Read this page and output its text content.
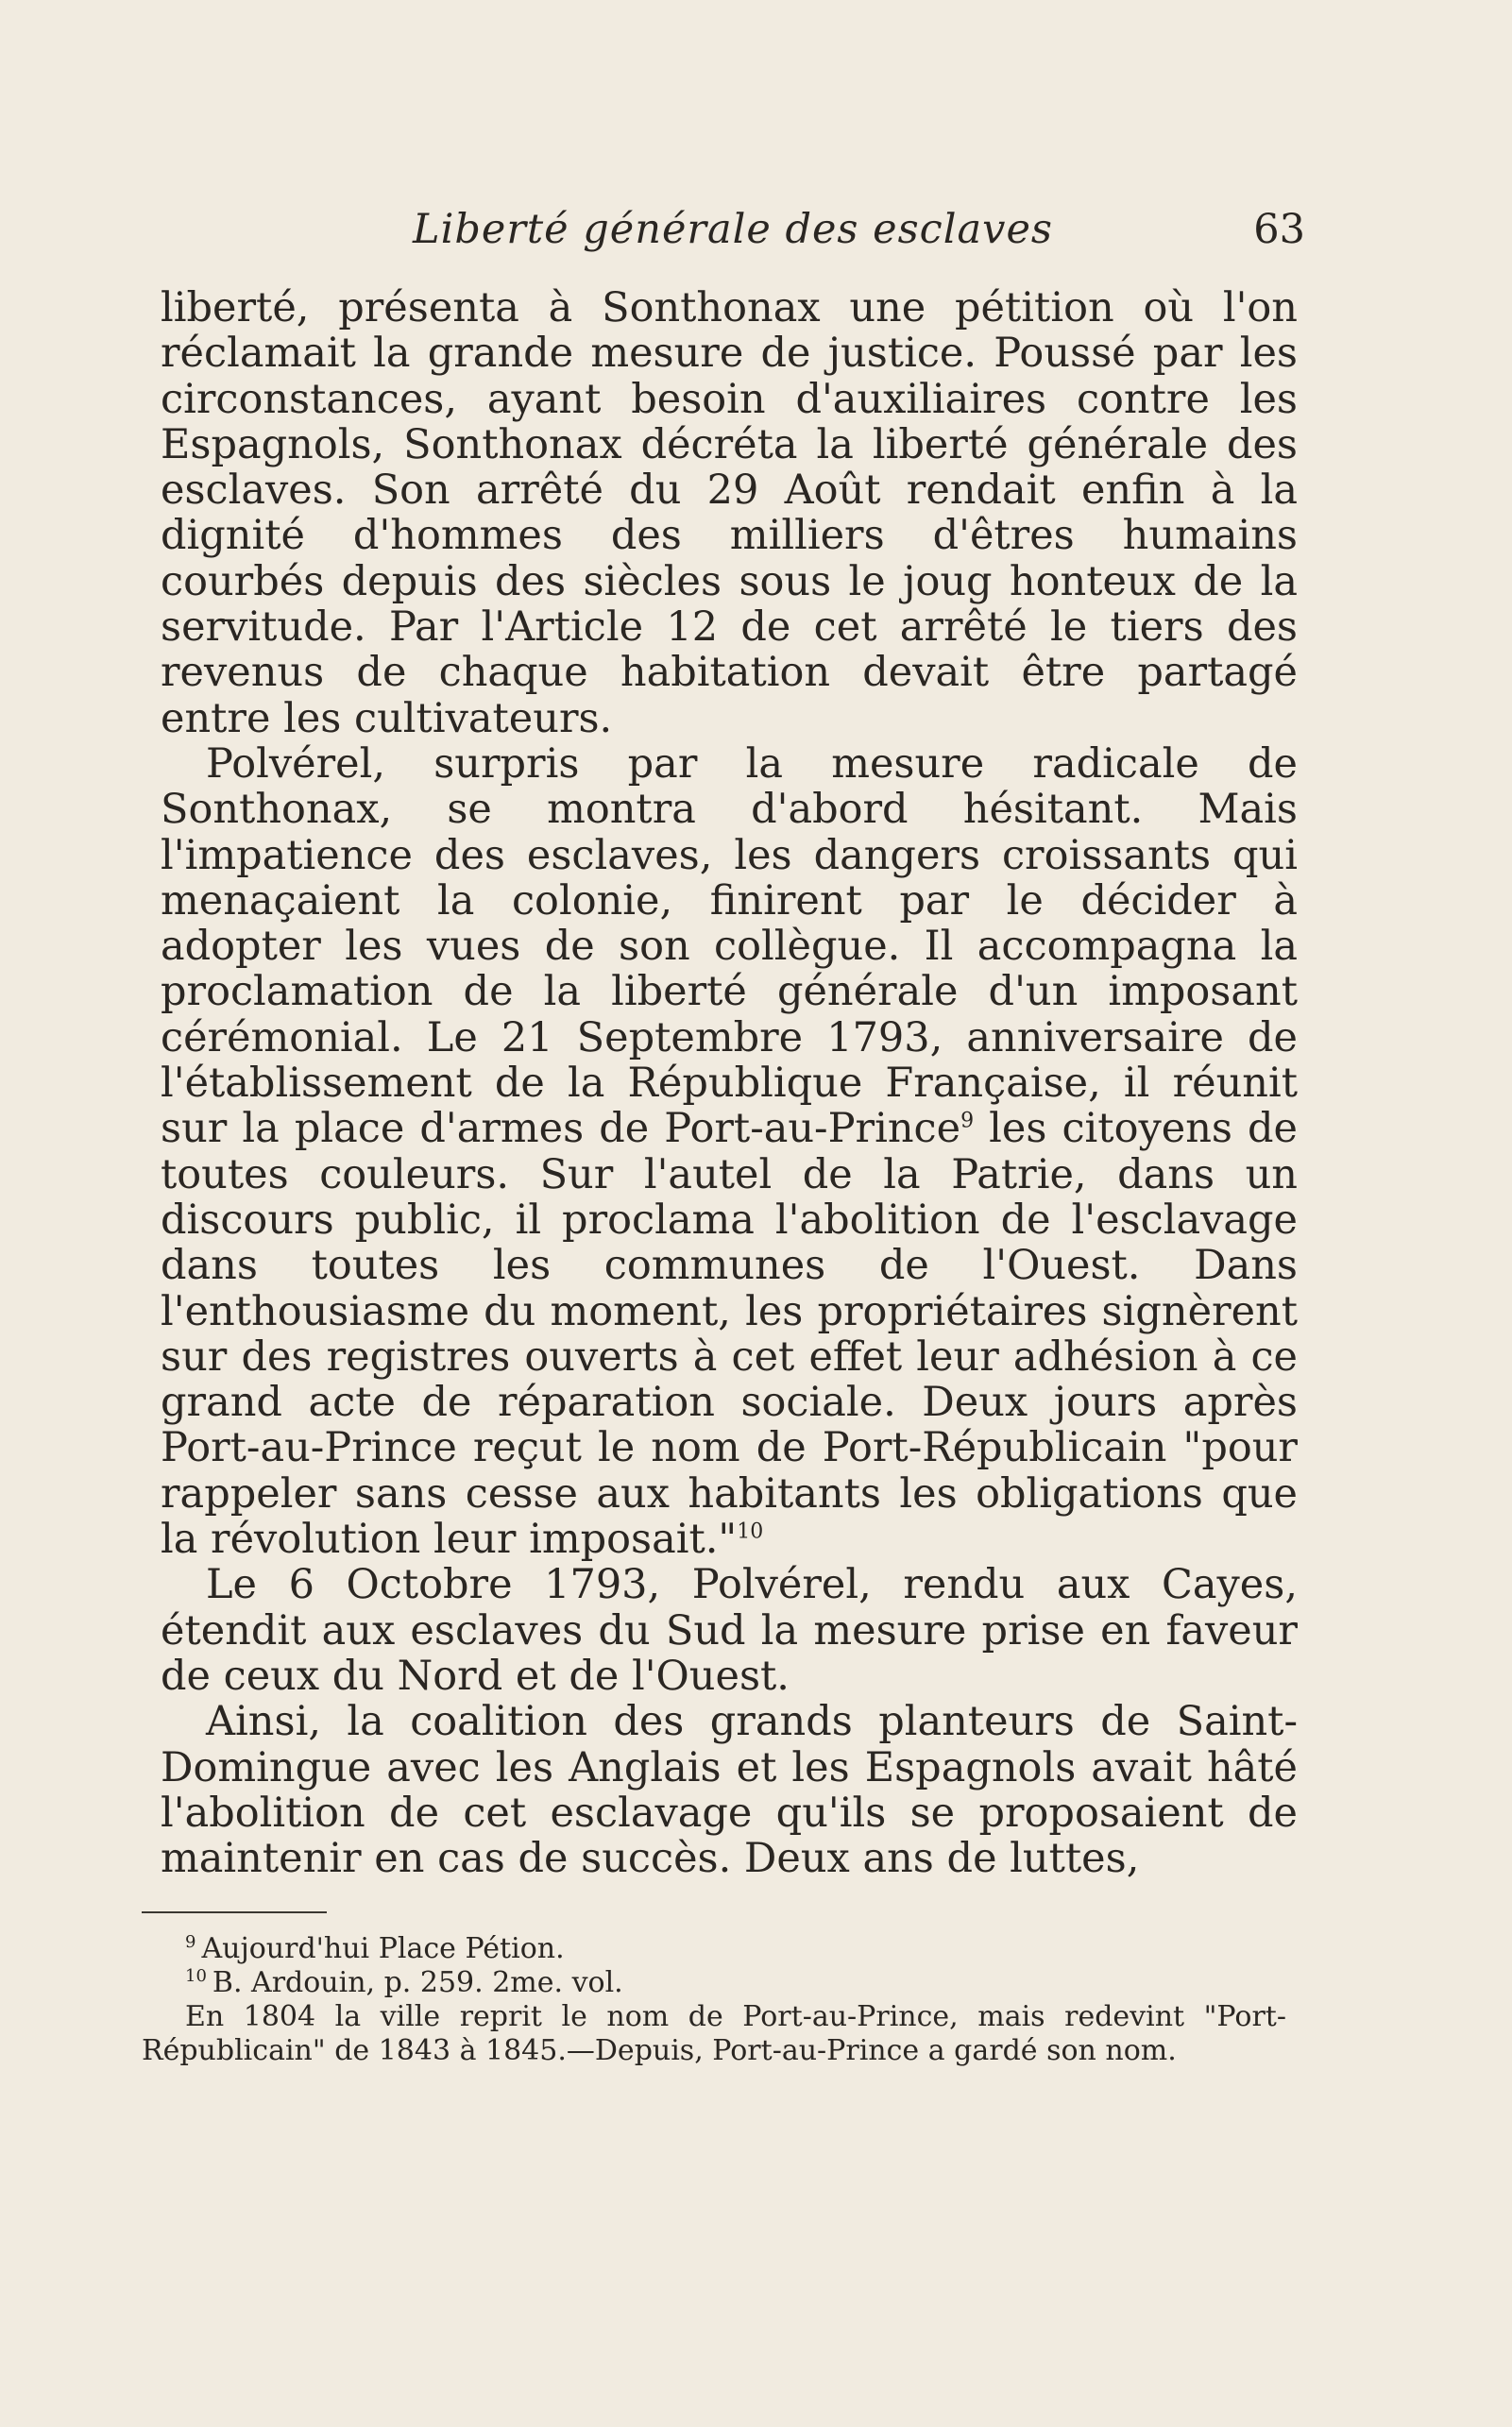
Liberté générale des esclaves	63

liberté, présenta à Sonthonax une pétition où l'on réclamait la grande mesure de justice. Poussé par les circonstances, ayant besoin d'auxiliaires contre les Espagnols, Sonthonax décréta la liberté générale des esclaves. Son arrêté du 29 Août rendait enfin à la dignité d'hommes des milliers d'êtres humains courbés depuis des siècles sous le joug honteux de la servitude. Par l'Article 12 de cet arrêté le tiers des revenus de chaque habitation devait être partagé entre les cultivateurs.

Polvérel, surpris par la mesure radicale de Sonthonax, se montra d'abord hésitant. Mais l'impatience des esclaves, les dangers croissants qui menaçaient la colonie, finirent par le décider à adopter les vues de son collègue. Il accompagna la proclamation de la liberté générale d'un imposant cérémonial. Le 21 Septembre 1793, anniversaire de l'établissement de la République Française, il réunit sur la place d'armes de Port-au-Prince$^9$ les citoyens de toutes couleurs. Sur l'autel de la Patrie, dans un discours public, il proclama l'abolition de l'esclavage dans toutes les communes de l'Ouest. Dans l'enthousiasme du moment, les propriétaires signèrent sur des registres ouverts à cet effet leur adhésion à ce grand acte de réparation sociale. Deux jours après Port-au-Prince reçut le nom de Port-Républicain "pour rappeler sans cesse aux habitants les obligations que la révolution leur imposait."$^{10}$

Le 6 Octobre 1793, Polvérel, rendu aux Cayes, étendit aux esclaves du Sud la mesure prise en faveur de ceux du Nord et de l'Ouest.

Ainsi, la coalition des grands planteurs de Saint-Domingue avec les Anglais et les Espagnols avait hâté l'abolition de cet esclavage qu'ils se proposaient de maintenir en cas de succès. Deux ans de luttes,

$^9$ Aujourd'hui Place Pétion.

$^{10}$ B. Ardouin, p. 259. 2me. vol.

En 1804 la ville reprit le nom de Port-au-Prince, mais redevint "Port-Républicain" de 1843 à 1845.—Depuis, Port-au-Prince a gardé son nom.
